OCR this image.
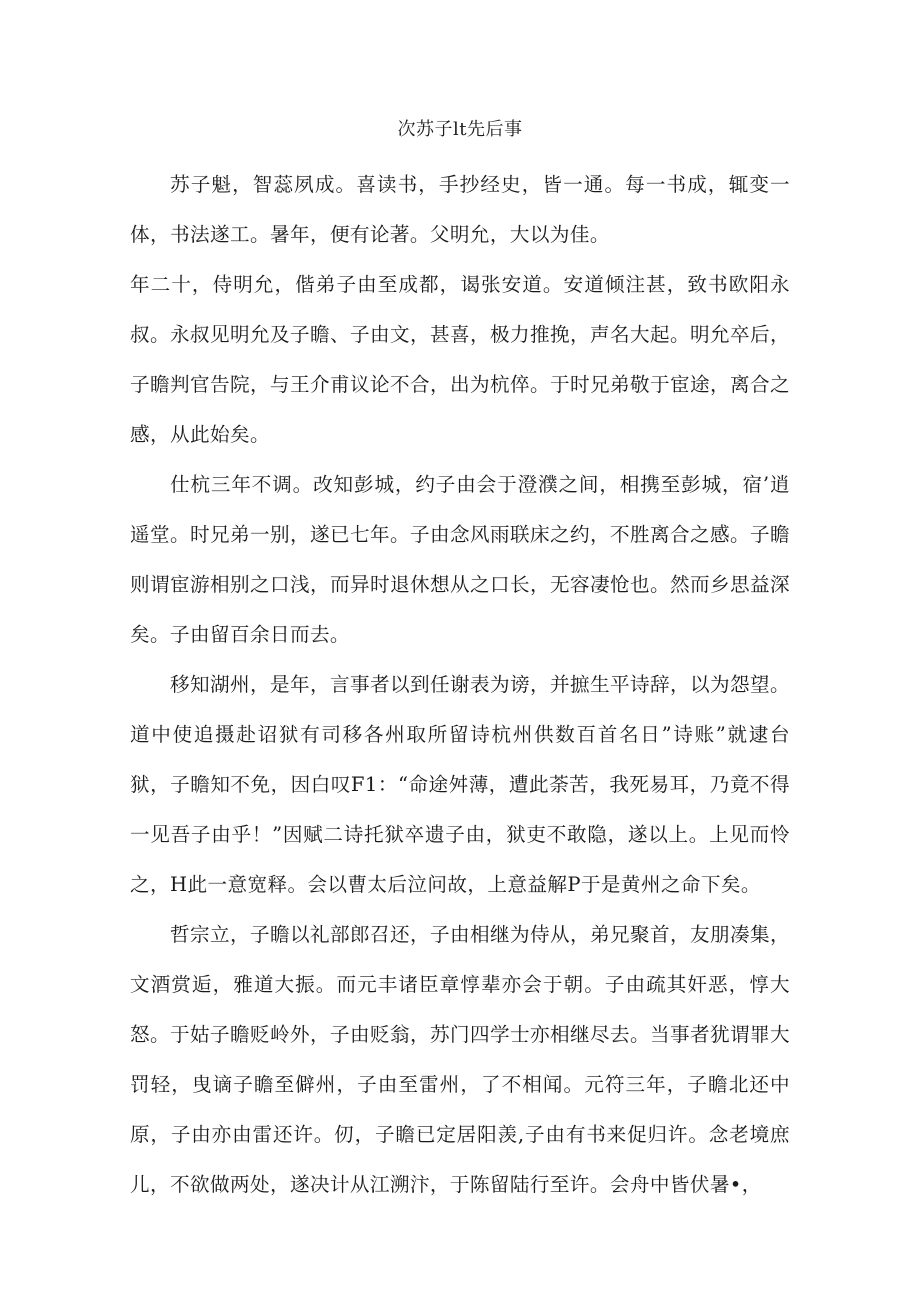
次苏子lt先后事

苏子魁，智蕊夙成。喜读书，手抄经史，皆一通。每一书成，辄变一体，书法遂工。暑年，便有论著。父明允，大以为佳。

年二十，侍明允，偕弟子由至成都，谒张安道。安道倾注甚，致书欧阳永叔。永叔见明允及子瞻、子由文，甚喜，极力推挽，声名大起。明允卒后，子瞻判官告院，与王介甫议论不合，出为杭倅。于时兄弟敬于宦途，离合之感，从此始矣。

仕杭三年不调。改知彭城，约子由会于澄濮之间，相携至彭城，宿’逍遥堂。时兄弟一别，遂已七年。子由念风雨联床之约，不胜离合之感。子瞻则谓宦游相别之口浅，而异时退休想从之口长，无容凄怆也。然而乡思益深矣。子由留百余日而去。

移知湖州，是年，言事者以到任谢表为谤，并摭生平诗辞，以为怨望。道中使追摄赴诏狱有司移各州取所留诗杭州供数百首名日”诗账”就逮台狱，子瞻知不免，因白叹F1：“命途舛薄，遭此荼苦，我死易耳，乃竟不得一见吾子由乎！”因赋二诗托狱卒遗子由，狱吏不敢隐，遂以上。上见而怜之，H此一意宽释。会以曹太后泣问故，上意益解P于是黄州之命下矣。

哲宗立，子瞻以礼部郎召还，子由相继为侍从，弟兄聚首，友朋凑集，文酒赏逅，雅道大振。而元丰诸臣章惇辈亦会于朝。子由疏其奸恶，惇大怒。于姑子瞻贬岭外，子由贬翁，苏门四学士亦相继尽去。当事者犹谓罪大罚轻，曳谪子瞻至僻州，子由至雷州，了不相闻。元符三年，子瞻北还中原，子由亦由雷还许。仞，子瞻已定居阳羡,子由有书来促归许。念老境庶儿，不欲做两处，遂决计从江溯汴，于陈留陆行至许。会舟中皆伏暑•，
